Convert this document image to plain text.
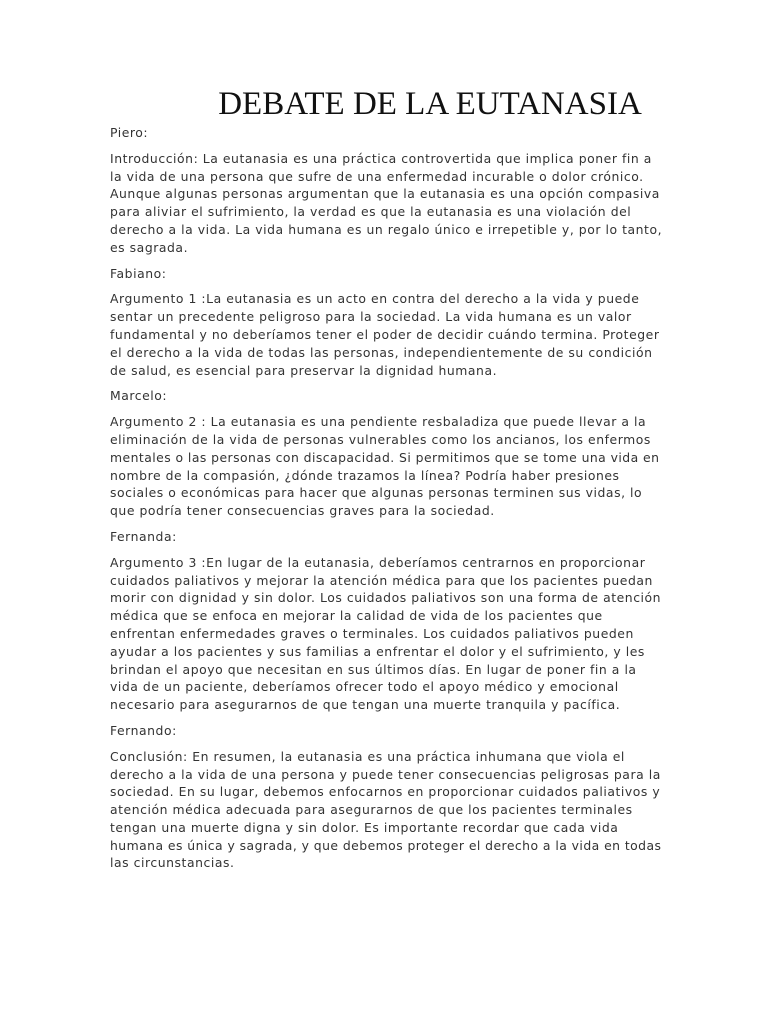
DEBATE DE LA EUTANASIA
Piero:
Introducción: La eutanasia es una práctica controvertida que implica poner fin a
la vida de una persona que sufre de una enfermedad incurable o dolor crónico.
Aunque algunas personas argumentan que la eutanasia es una opción compasiva
para aliviar el sufrimiento, la verdad es que la eutanasia es una violación del
derecho a la vida. La vida humana es un regalo único e irrepetible y, por lo tanto,
es sagrada.
Fabiano:
Argumento 1 :La eutanasia es un acto en contra del derecho a la vida y puede
sentar un precedente peligroso para la sociedad. La vida humana es un valor
fundamental y no deberíamos tener el poder de decidir cuándo termina. Proteger
el derecho a la vida de todas las personas, independientemente de su condición
de salud, es esencial para preservar la dignidad humana.
Marcelo:
Argumento 2 : La eutanasia es una pendiente resbaladiza que puede llevar a la
eliminación de la vida de personas vulnerables como los ancianos, los enfermos
mentales o las personas con discapacidad. Si permitimos que se tome una vida en
nombre de la compasión, ¿dónde trazamos la línea? Podría haber presiones
sociales o económicas para hacer que algunas personas terminen sus vidas, lo
que podría tener consecuencias graves para la sociedad.
Fernanda:
Argumento 3 :En lugar de la eutanasia, deberíamos centrarnos en proporcionar
cuidados paliativos y mejorar la atención médica para que los pacientes puedan
morir con dignidad y sin dolor. Los cuidados paliativos son una forma de atención
médica que se enfoca en mejorar la calidad de vida de los pacientes que
enfrentan enfermedades graves o terminales. Los cuidados paliativos pueden
ayudar a los pacientes y sus familias a enfrentar el dolor y el sufrimiento, y les
brindan el apoyo que necesitan en sus últimos días. En lugar de poner fin a la
vida de un paciente, deberíamos ofrecer todo el apoyo médico y emocional
necesario para asegurarnos de que tengan una muerte tranquila y pacífica.
Fernando:
Conclusión: En resumen, la eutanasia es una práctica inhumana que viola el
derecho a la vida de una persona y puede tener consecuencias peligrosas para la
sociedad. En su lugar, debemos enfocarnos en proporcionar cuidados paliativos y
atención médica adecuada para asegurarnos de que los pacientes terminales
tengan una muerte digna y sin dolor. Es importante recordar que cada vida
humana es única y sagrada, y que debemos proteger el derecho a la vida en todas
las circunstancias.
